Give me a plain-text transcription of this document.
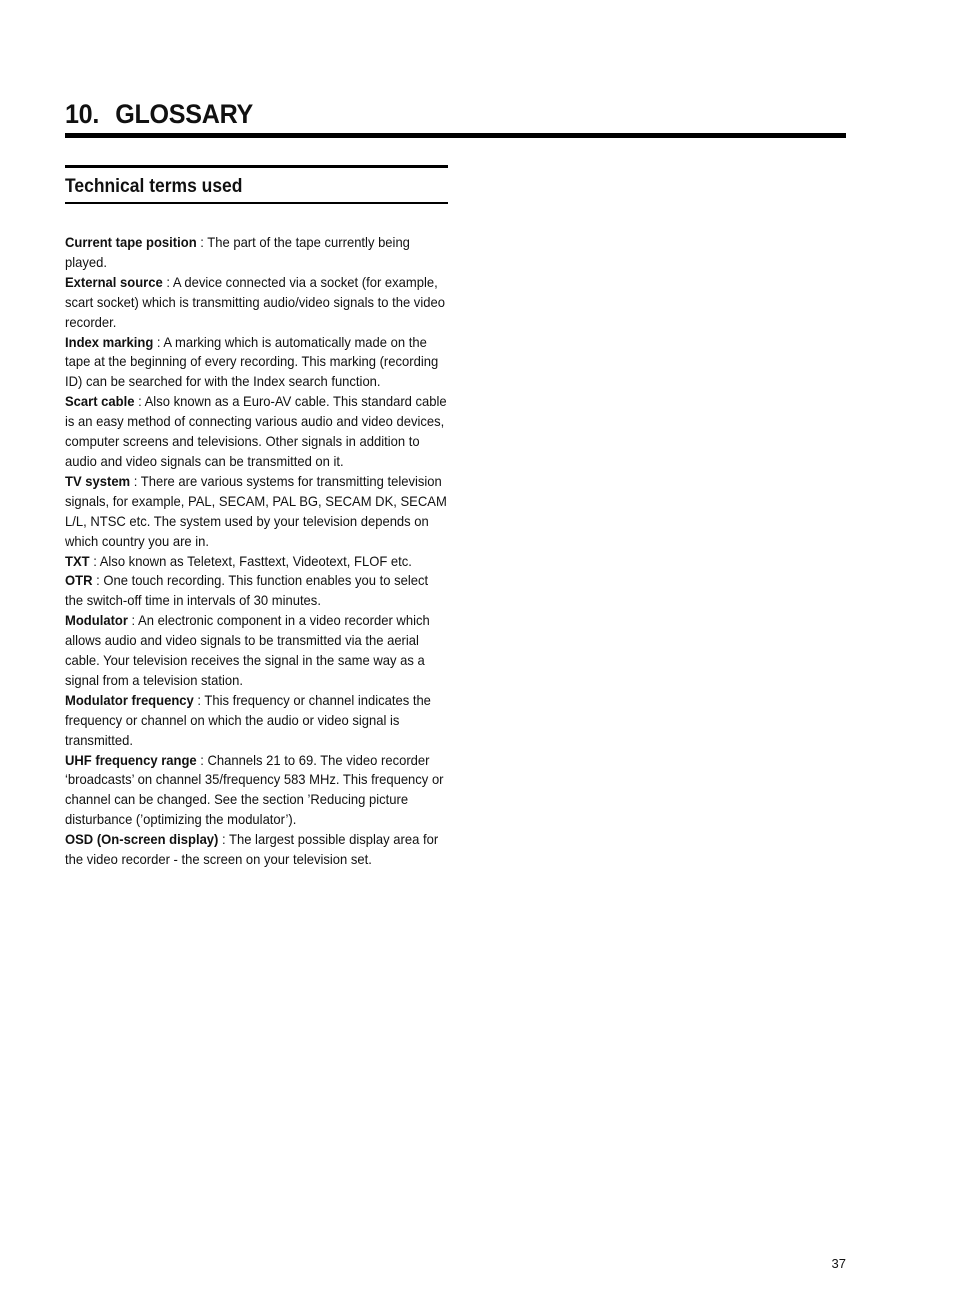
10. GLOSSARY
Technical terms used

Current tape position : The part of the tape currently being played.

External source : A device connected via a socket (for example, scart socket) which is transmitting audio/video signals to the video recorder.

Index marking : A marking which is automatically made on the tape at the beginning of every recording. This marking (recording ID) can be searched for with the Index search function.

Scart cable : Also known as a Euro-AV cable. This standard cable is an easy method of connecting various audio and video devices, computer screens and televisions. Other signals in addition to audio and video signals can be transmitted on it.

TV system : There are various systems for transmitting television signals, for example, PAL, SECAM, PAL BG, SECAM DK, SECAM L/L, NTSC etc. The system used by your television depends on which country you are in.

TXT : Also known as Teletext, Fasttext, Videotext, FLOF etc.

OTR : One touch recording. This function enables you to select the switch-off time in intervals of 30 minutes.

Modulator : An electronic component in a video recorder which allows audio and video signals to be transmitted via the aerial cable. Your television receives the signal in the same way as a signal from a television station.

Modulator frequency : This frequency or channel indicates the frequency or channel on which the audio or video signal is transmitted.

UHF frequency range : Channels 21 to 69. The video recorder ‘broadcasts’ on channel 35/frequency 583 MHz. This frequency or channel can be changed. See the section ’Reducing picture disturbance (’optimizing the modulator’).

OSD (On-screen display) : The largest possible display area for the video recorder - the screen on your television set.

37
